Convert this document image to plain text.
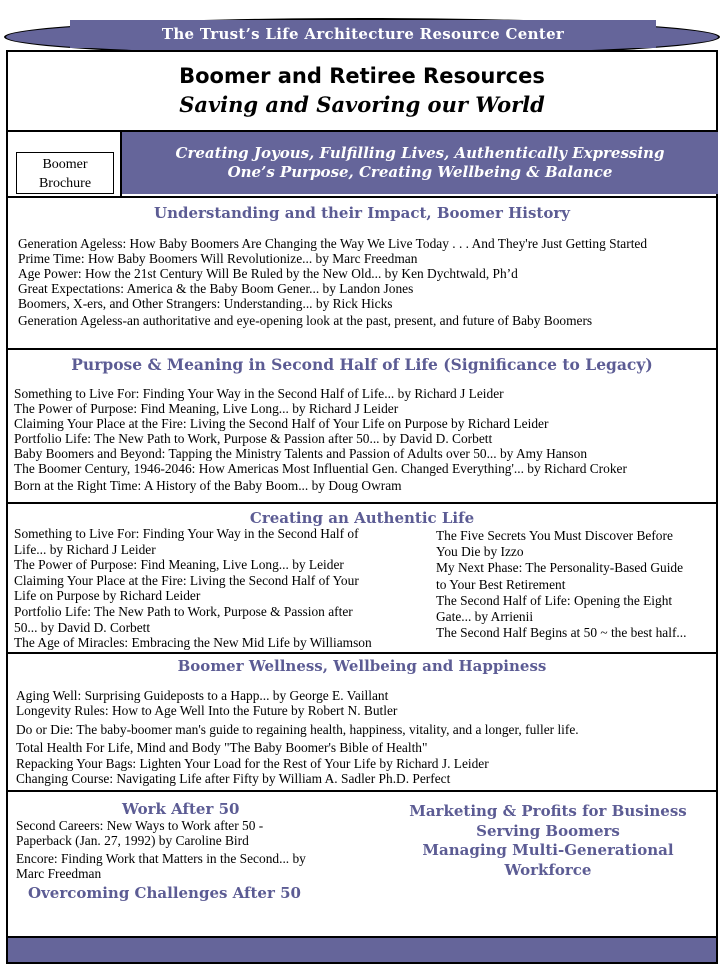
The Trust’s Life Architecture Resource Center
Boomer and Retiree Resources
Saving and Savoring our World
Boomer
Brochure
Creating Joyous, Fulfilling Lives, Authentically Expressing
One’s Purpose, Creating Wellbeing & Balance
Understanding and their Impact, Boomer History
Generation Ageless: How Baby Boomers Are Changing the Way We Live Today . . . And They're Just Getting Started
Prime Time: How Baby Boomers Will Revolutionize... by Marc Freedman
Age Power: How the 21st Century Will Be Ruled by the New Old... by Ken Dychtwald, Ph’d
Great Expectations: America & the Baby Boom Gener... by Landon Jones
Boomers, X-ers, and Other Strangers: Understanding... by Rick Hicks
Generation Ageless-an authoritative and eye-opening look at the past, present, and future of Baby Boomers
Purpose & Meaning in Second Half of Life (Significance to Legacy)
Something to Live For: Finding Your Way in the Second Half of Life... by Richard J Leider
The Power of Purpose: Find Meaning, Live Long... by Richard J Leider
Claiming Your Place at the Fire: Living the Second Half of Your Life on Purpose by Richard Leider
Portfolio Life: The New Path to Work, Purpose & Passion after 50... by David D. Corbett
Baby Boomers and Beyond: Tapping the Ministry Talents and Passion of Adults over 50... by Amy Hanson
The Boomer Century, 1946-2046: How Americas Most Influential Gen. Changed Everything'... by Richard Croker
Born at the Right Time: A History of the Baby Boom... by Doug Owram
Creating an Authentic Life
Something to Live For: Finding Your Way in the Second Half of
Life... by Richard J Leider
The Power of Purpose: Find Meaning, Live Long... by Leider
Claiming Your Place at the Fire: Living the Second Half of Your
Life on Purpose by Richard Leider
Portfolio Life: The New Path to Work, Purpose & Passion after
50... by David D. Corbett
The Age of Miracles: Embracing the New Mid Life by Williamson
The Five Secrets You Must Discover Before
You Die by Izzo
My Next Phase: The Personality-Based Guide
to Your Best Retirement
The Second Half of Life: Opening the Eight
Gate... by Arrienii
The Second Half Begins at 50 ~ the best half...
Boomer Wellness, Wellbeing and Happiness
Aging Well: Surprising Guideposts to a Happ... by George E. Vaillant
Longevity Rules: How to Age Well Into the Future by Robert N. Butler
Do or Die: The baby-boomer man's guide to regaining health, happiness, vitality, and a longer, fuller life.
Total Health For Life, Mind and Body "The Baby Boomer's Bible of Health"
Repacking Your Bags: Lighten Your Load for the Rest of Your Life by Richard J. Leider
Changing Course: Navigating Life after Fifty by William A. Sadler Ph.D. Perfect
Work After 50
Second Careers: New Ways to Work after 50 -
Paperback (Jan. 27, 1992) by Caroline Bird
Encore: Finding Work that Matters in the Second... by
Marc Freedman
Overcoming Challenges After 50
Marketing & Profits for Business
Serving Boomers
Managing Multi-Generational
Workforce
